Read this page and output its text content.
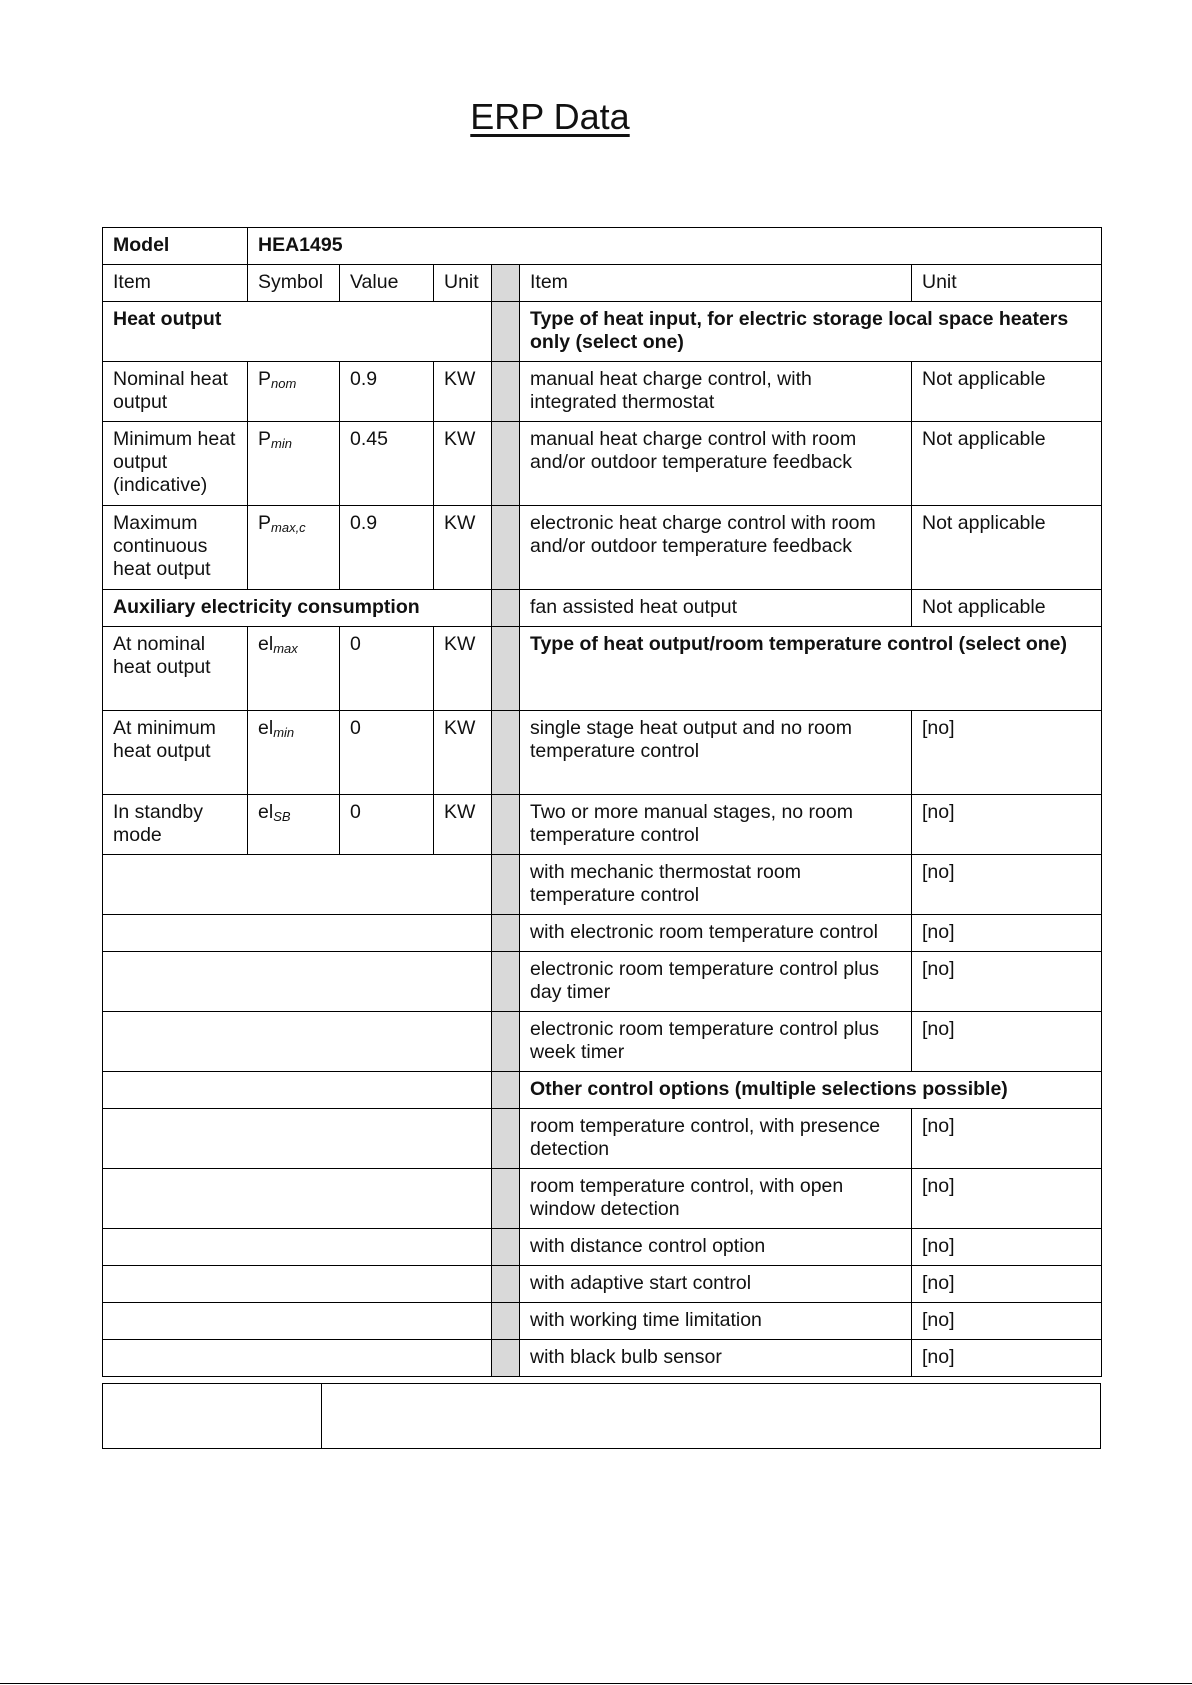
ERP Data
Model	HEA1495					
Item	Symbol	Value	Unit		Item	Unit
Heat output					Type of heat input, for electric storage local space heaters only (select one)	
Nominal heat output	$P_{nom}$	0.9	KW		manual heat charge control, with integrated thermostat	Not applicable
Minimum heat output (indicative)	$P_{min}$	0.45	KW		manual heat charge control with room and/or outdoor temperature feedback	Not applicable
Maximum continuous heat output	$P_{max,c}$	0.9	KW		electronic heat charge control with room and/or outdoor temperature feedback	Not applicable
Auxiliary electricity consumption					fan assisted heat output	Not applicable
At nominal heat output	$el_{max}$	0	KW		Type of heat output/room temperature control (select one)	
At minimum heat output	$el_{min}$	0	KW		single stage heat output and no room temperature control	[no]
In standby mode	$el_{SB}$	0	KW		Two or more manual stages, no room temperature control	[no]
					with mechanic thermostat room temperature control	[no]
					with electronic room temperature control	[no]
					electronic room temperature control plus day timer	[no]
					electronic room temperature control plus week timer	[no]
					Other control options (multiple selections possible)	
					room temperature control, with presence detection	[no]
					room temperature control, with open window detection	[no]
					with distance control option	[no]
					with adaptive start control	[no]
					with working time limitation	[no]
					with black bulb sensor	[no]
